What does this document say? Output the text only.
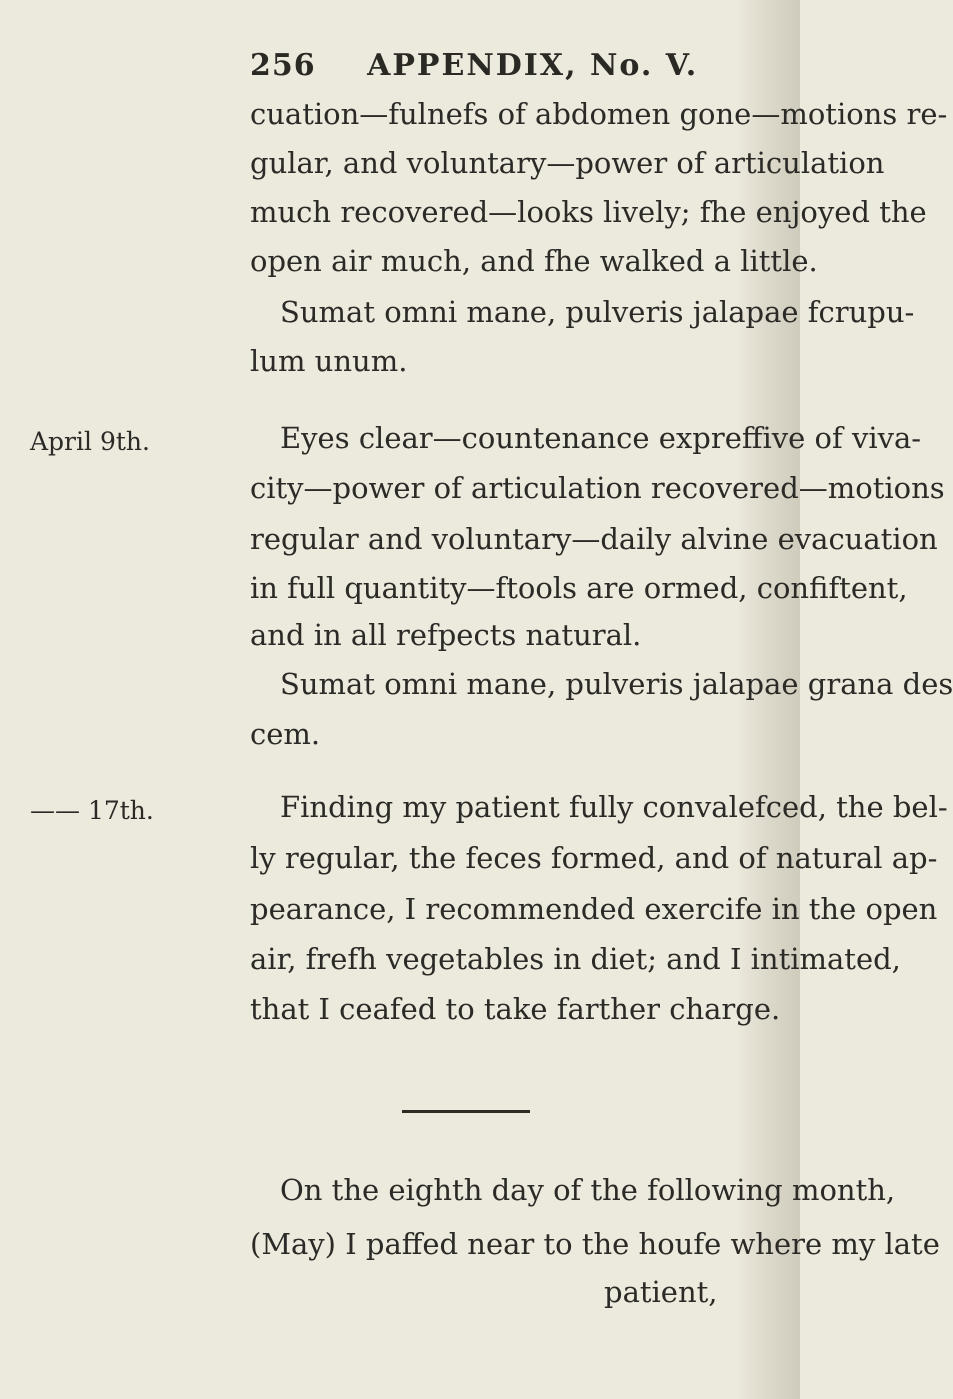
256 APPENDIX, No. V.
cuation—fulnefs of abdomen gone—motions re-
gular, and voluntary—power of articulation
much recovered—looks lively; fhe enjoyed the
open air much, and fhe walked a little.
Sumat omni mane, pulveris jalapae fcrupu-
lum unum.
April 9th.	Eyes clear—countenance expreffive of viva-
city—power of articulation recovered—motions
regular and voluntary—daily alvine evacuation
in full quantity—ftools are ormed, confiftent,
and in all refpects natural.
Sumat omni mane, pulveris jalapae grana des
cem.
—— 17th.	Finding my patient fully convalefced, the bel-
ly regular, the feces formed, and of natural ap-
pearance, I recommended exercife in the open
air, frefh vegetables in diet; and I intimated,
that I ceafed to take farther charge.
On the eighth day of the following month,
(May) I paffed near to the houfe where my late
patient,
